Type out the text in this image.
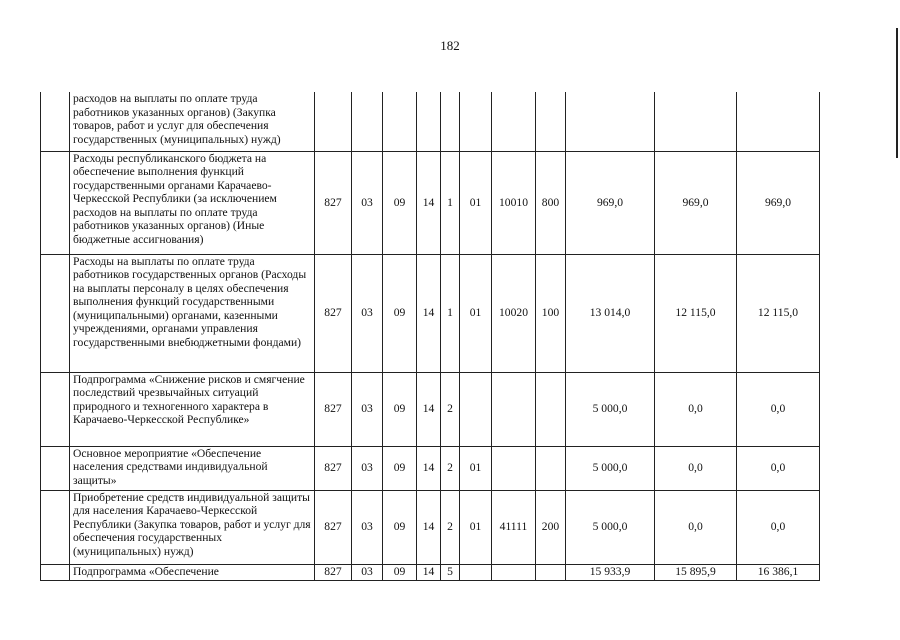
182
	расходов на выплаты по оплате труда работников указанных органов) (Закупка товаров, работ и услуг для обеспечения государственных (муниципальных) нужд)											
	Расходы республиканского бюджета на обеспечение выполнения функций государственными органами Карачаево-Черкесской Республики (за исключением расходов на выплаты по оплате труда работников указанных органов) (Иные бюджетные ассигнования)	827	03	09	14	1	01	10010	800	969,0	969,0	969,0
	Расходы на выплаты по оплате труда работников государственных органов (Расходы на выплаты персоналу в целях обеспечения выполнения функций государственными (муниципальными) органами, казенными учреждениями, органами управления государственными внебюджетными фондами)	827	03	09	14	1	01	10020	100	13 014,0	12 115,0	12 115,0
	Подпрограмма «Снижение рисков и смягчение последствий чрезвычайных ситуаций природного и техногенного характера в Карачаево-Черкесской Республике»	827	03	09	14	2				5 000,0	0,0	0,0
	Основное мероприятие «Обеспечение населения средствами индивидуальной защиты»	827	03	09	14	2	01			5 000,0	0,0	0,0
	Приобретение средств индивидуальной защиты для населения Карачаево-Черкесской Республики (Закупка товаров, работ и услуг для обеспечения государственных (муниципальных) нужд)	827	03	09	14	2	01	41111	200	5 000,0	0,0	0,0
	Подпрограмма «Обеспечение	827	03	09	14	5				15 933,9	15 895,9	16 386,1
